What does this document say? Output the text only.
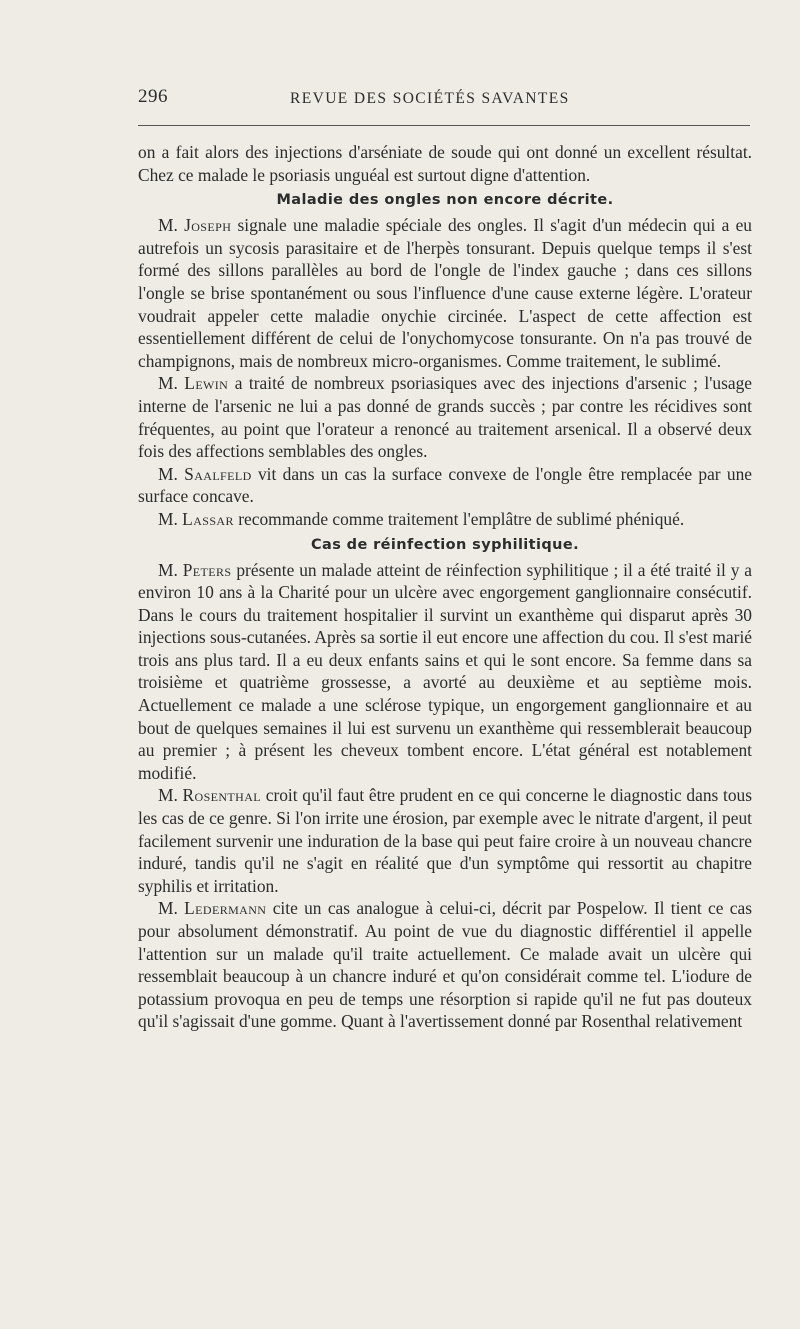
296	REVUE DES SOCIÉTÉS SAVANTES

on a fait alors des injections d'arséniate de soude qui ont donné un excellent résultat. Chez ce malade le psoriasis unguéal est surtout digne d'attention.

Maladie des ongles non encore décrite.

M. Joseph signale une maladie spéciale des ongles. Il s'agit d'un médecin qui a eu autrefois un sycosis parasitaire et de l'herpès tonsurant. Depuis quelque temps il s'est formé des sillons parallèles au bord de l'ongle de l'index gauche ; dans ces sillons l'ongle se brise spontanément ou sous l'influence d'une cause externe légère. L'orateur voudrait appeler cette maladie onychie circinée. L'aspect de cette affection est essentiellement différent de celui de l'onychomycose tonsurante. On n'a pas trouvé de champignons, mais de nombreux micro-organismes. Comme traitement, le sublimé.

M. Lewin a traité de nombreux psoriasiques avec des injections d'arsenic ; l'usage interne de l'arsenic ne lui a pas donné de grands succès ; par contre les récidives sont fréquentes, au point que l'orateur a renoncé au traitement arsenical. Il a observé deux fois des affections semblables des ongles.

M. Saalfeld vit dans un cas la surface convexe de l'ongle être remplacée par une surface concave.

M. Lassar recommande comme traitement l'emplâtre de sublimé phéniqué.

Cas de réinfection syphilitique.

M. Peters présente un malade atteint de réinfection syphilitique ; il a été traité il y a environ 10 ans à la Charité pour un ulcère avec engorgement ganglionnaire consécutif. Dans le cours du traitement hospitalier il survint un exanthème qui disparut après 30 injections sous-cutanées. Après sa sortie il eut encore une affection du cou. Il s'est marié trois ans plus tard. Il a eu deux enfants sains et qui le sont encore. Sa femme dans sa troisième et quatrième grossesse, a avorté au deuxième et au septième mois. Actuellement ce malade a une sclérose typique, un engorgement ganglionnaire et au bout de quelques semaines il lui est survenu un exanthème qui ressemblerait beaucoup au premier ; à présent les cheveux tombent encore. L'état général est notablement modifié.

M. Rosenthal croit qu'il faut être prudent en ce qui concerne le diagnostic dans tous les cas de ce genre. Si l'on irrite une érosion, par exemple avec le nitrate d'argent, il peut facilement survenir une induration de la base qui peut faire croire à un nouveau chancre induré, tandis qu'il ne s'agit en réalité que d'un symptôme qui ressortit au chapitre syphilis et irritation.

M. Ledermann cite un cas analogue à celui-ci, décrit par Pospelow. Il tient ce cas pour absolument démonstratif. Au point de vue du diagnostic différentiel il appelle l'attention sur un malade qu'il traite actuellement. Ce malade avait un ulcère qui ressemblait beaucoup à un chancre induré et qu'on considérait comme tel. L'iodure de potassium provoqua en peu de temps une résorption si rapide qu'il ne fut pas douteux qu'il s'agissait d'une gomme. Quant à l'avertissement donné par Rosenthal relativement
